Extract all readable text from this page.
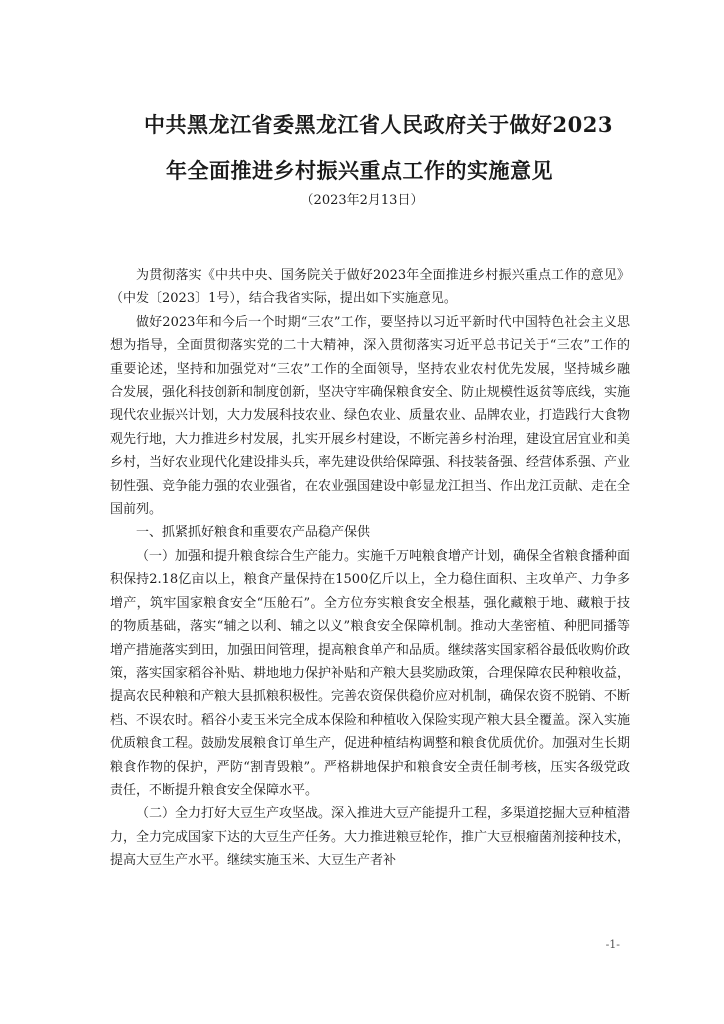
中共黑龙江省委黑龙江省人民政府关于做好2023
年全面推进乡村振兴重点工作的实施意见
（2023年2月13日）

为贯彻落实《中共中央、国务院关于做好2023年全面推进乡村振兴重点工作的意见》（中发〔2023〕1号），结合我省实际，提出如下实施意见。

做好2023年和今后一个时期“三农”工作，要坚持以习近平新时代中国特色社会主义思想为指导，全面贯彻落实党的二十大精神，深入贯彻落实习近平总书记关于“三农”工作的重要论述，坚持和加强党对“三农”工作的全面领导，坚持农业农村优先发展，坚持城乡融合发展，强化科技创新和制度创新，坚决守牢确保粮食安全、防止规模性返贫等底线，实施现代农业振兴计划，大力发展科技农业、绿色农业、质量农业、品牌农业，打造践行大食物观先行地，大力推进乡村发展，扎实开展乡村建设，不断完善乡村治理，建设宜居宜业和美乡村，当好农业现代化建设排头兵，率先建设供给保障强、科技装备强、经营体系强、产业韧性强、竞争能力强的农业强省，在农业强国建设中彰显龙江担当、作出龙江贡献、走在全国前列。

一、抓紧抓好粮食和重要农产品稳产保供

（一）加强和提升粮食综合生产能力。实施千万吨粮食增产计划，确保全省粮食播种面积保持2.18亿亩以上，粮食产量保持在1500亿斤以上，全力稳住面积、主攻单产、力争多增产，筑牢国家粮食安全“压舱石”。全方位夯实粮食安全根基，强化藏粮于地、藏粮于技的物质基础，落实“辅之以利、辅之以义”粮食安全保障机制。推动大垄密植、种肥同播等增产措施落实到田，加强田间管理，提高粮食单产和品质。继续落实国家稻谷最低收购价政策，落实国家稻谷补贴、耕地地力保护补贴和产粮大县奖励政策，合理保障农民种粮收益，提高农民种粮和产粮大县抓粮积极性。完善农资保供稳价应对机制，确保农资不脱销、不断档、不误农时。稻谷小麦玉米完全成本保险和种植收入保险实现产粮大县全覆盖。深入实施优质粮食工程。鼓励发展粮食订单生产，促进种植结构调整和粮食优质优价。加强对生长期粮食作物的保护，严防“割青毁粮”。严格耕地保护和粮食安全责任制考核，压实各级党政责任，不断提升粮食安全保障水平。

（二）全力打好大豆生产攻坚战。深入推进大豆产能提升工程，多渠道挖掘大豆种植潜力，全力完成国家下达的大豆生产任务。大力推进粮豆轮作，推广大豆根瘤菌剂接种技术，提高大豆生产水平。继续实施玉米、大豆生产者补

-1-
